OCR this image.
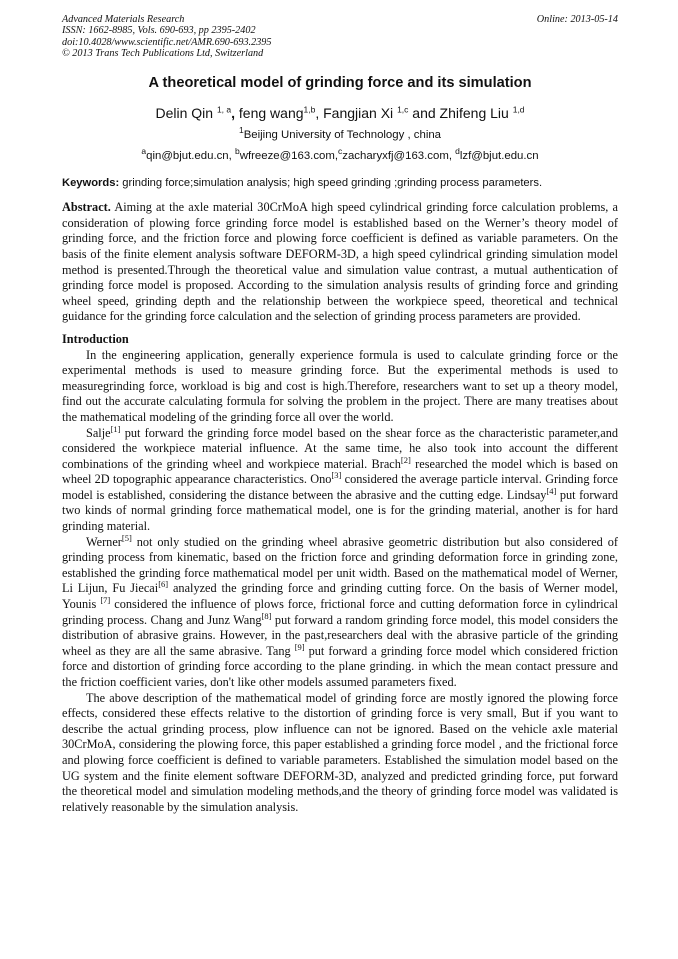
Advanced Materials Research
ISSN: 1662-8985, Vols. 690-693, pp 2395-2402
doi:10.4028/www.scientific.net/AMR.690-693.2395
© 2013 Trans Tech Publications Ltd, Switzerland
Online: 2013-05-14
A theoretical model of grinding force and its simulation
Delin Qin $^{1, a}$, feng wang$^{1,b}$, Fangjian Xi $^{1,c}$ and Zhifeng Liu $^{1,d}$
$^1$Beijing University of Technology , china
$^a$qin@bjut.edu.cn, $^b$wfreeze@163.com,$^c$zacharyxfj@163.com, $^d$lzf@bjut.edu.cn
Keywords: grinding force;simulation analysis; high speed grinding ;grinding process parameters.
Abstract. Aiming at the axle material 30CrMoA high speed cylindrical grinding force calculation problems, a consideration of plowing force grinding force model is established based on the Werner’s theory model of grinding force, and the friction force and plowing force coefficient is defined as variable parameters. On the basis of the finite element analysis software DEFORM-3D, a high speed cylindrical grinding simulation model method is presented.Through the theoretical value and simulation value contrast, a mutual authentication of grinding force model is proposed. According to the simulation analysis results of grinding force and grinding wheel speed, grinding depth and the relationship between the workpiece speed, theoretical and technical guidance for the grinding force calculation and the selection of grinding process parameters are provided.
Introduction

In the engineering application, generally experience formula is used to calculate grinding force or the experimental methods is used to measure grinding force. But the experimental methods is used to measuregrinding force, workload is big and cost is high.Therefore, researchers want to set up a theory model, find out the accurate calculating formula for solving the problem in the project. There are many treatises about the mathematical modeling of the grinding force all over the world.

Salje[1] put forward the grinding force model based on the shear force as the characteristic parameter,and considered the workpiece material influence. At the same time, he also took into account the different combinations of the grinding wheel and workpiece material. Brach[2] researched the model which is based on wheel 2D topographic appearance characteristics. Ono[3] considered the average particle interval. Grinding force model is established, considering the distance between the abrasive and the cutting edge. Lindsay[4] put forward two kinds of normal grinding force mathematical model, one is for the grinding material, another is for hard grinding material.

Werner[5] not only studied on the grinding wheel abrasive geometric distribution but also considered of grinding process from kinematic, based on the friction force and grinding deformation force in grinding zone, established the grinding force mathematical model per unit width. Based on the mathematical model of Werner, Li Lijun, Fu Jiecai[6] analyzed the grinding force and grinding cutting force. On the basis of Werner model, Younis [7] considered the influence of plows force, frictional force and cutting deformation force in cylindrical grinding process. Chang and Junz Wang[8] put forward a random grinding force model, this model considers the distribution of abrasive grains. However, in the past,researchers deal with the abrasive particle of the grinding wheel as they are all the same abrasive. Tang [9] put forward a grinding force model which considered friction force and distortion of grinding force according to the plane grinding. in which the mean contact pressure and the friction coefficient varies, don't like other models assumed parameters fixed.

The above description of the mathematical model of grinding force are mostly ignored the plowing force effects, considered these effects relative to the distortion of grinding force is very small, But if you want to describe the actual grinding process, plow influence can not be ignored. Based on the vehicle axle material 30CrMoA, considering the plowing force, this paper established a grinding force model , and the frictional force and plowing force coefficient is defined to variable parameters. Established the simulation model based on the UG system and the finite element software DEFORM-3D, analyzed and predicted grinding force, put forward the theoretical model and simulation modeling methods,and the theory of grinding force model was validated is relatively reasonable by the simulation analysis.
